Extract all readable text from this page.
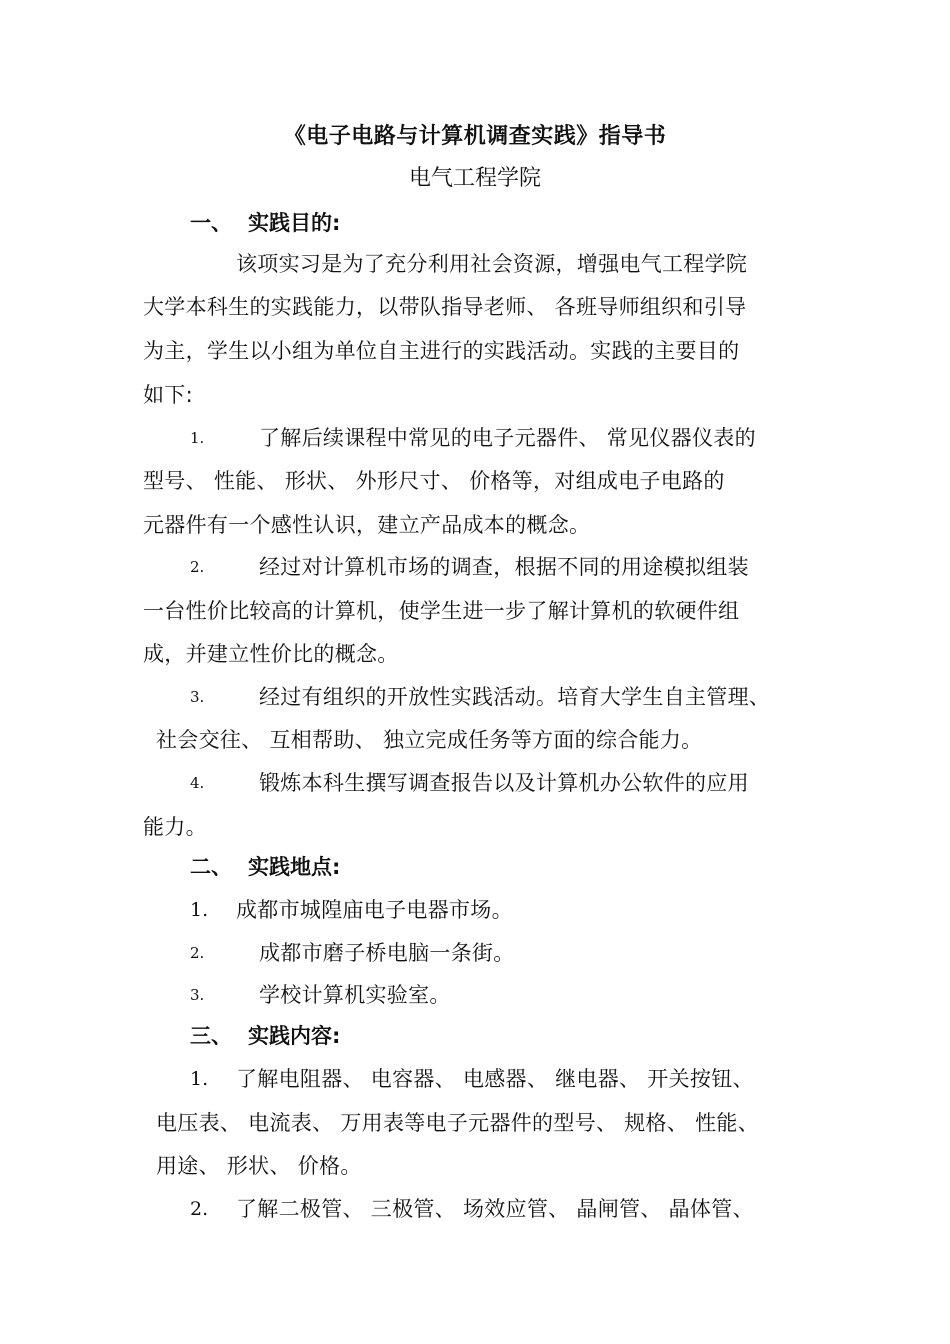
《电子电路与计算机调查实践》指导书
电气工程学院
一、 实践目的:
该项实习是为了充分利用社会资源，增强电气工程学院
大学本科生的实践能力，以带队指导老师、 各班导师组织和引导
为主，学生以小组为单位自主进行的实践活动。实践的主要目的
如下:
1.	了解后续课程中常见的电子元器件、 常见仪器仪表的
型号、 性能、 形状、 外形尺寸、 价格等，对组成电子电路的
元器件有一个感性认识，建立产品成本的概念。
2.	经过对计算机市场的调查，根据不同的用途模拟组装
一台性价比较高的计算机，使学生进一步了解计算机的软硬件组
成，并建立性价比的概念。
3.	经过有组织的开放性实践活动。培育大学生自主管理、
社会交往、 互相帮助、 独立完成任务等方面的综合能力。
4.	锻炼本科生撰写调查报告以及计算机办公软件的应用
能力。
二、 实践地点:
1. 成都市城隍庙电子电器市场。
2.	成都市磨子桥电脑一条街。
3.	学校计算机实验室。
三、 实践内容:
1. 了解电阻器、 电容器、 电感器、 继电器、 开关按钮、
电压表、 电流表、 万用表等电子元器件的型号、 规格、 性能、
用途、 形状、 价格。
2. 了解二极管、 三极管、 场效应管、 晶闸管、 晶体管、
